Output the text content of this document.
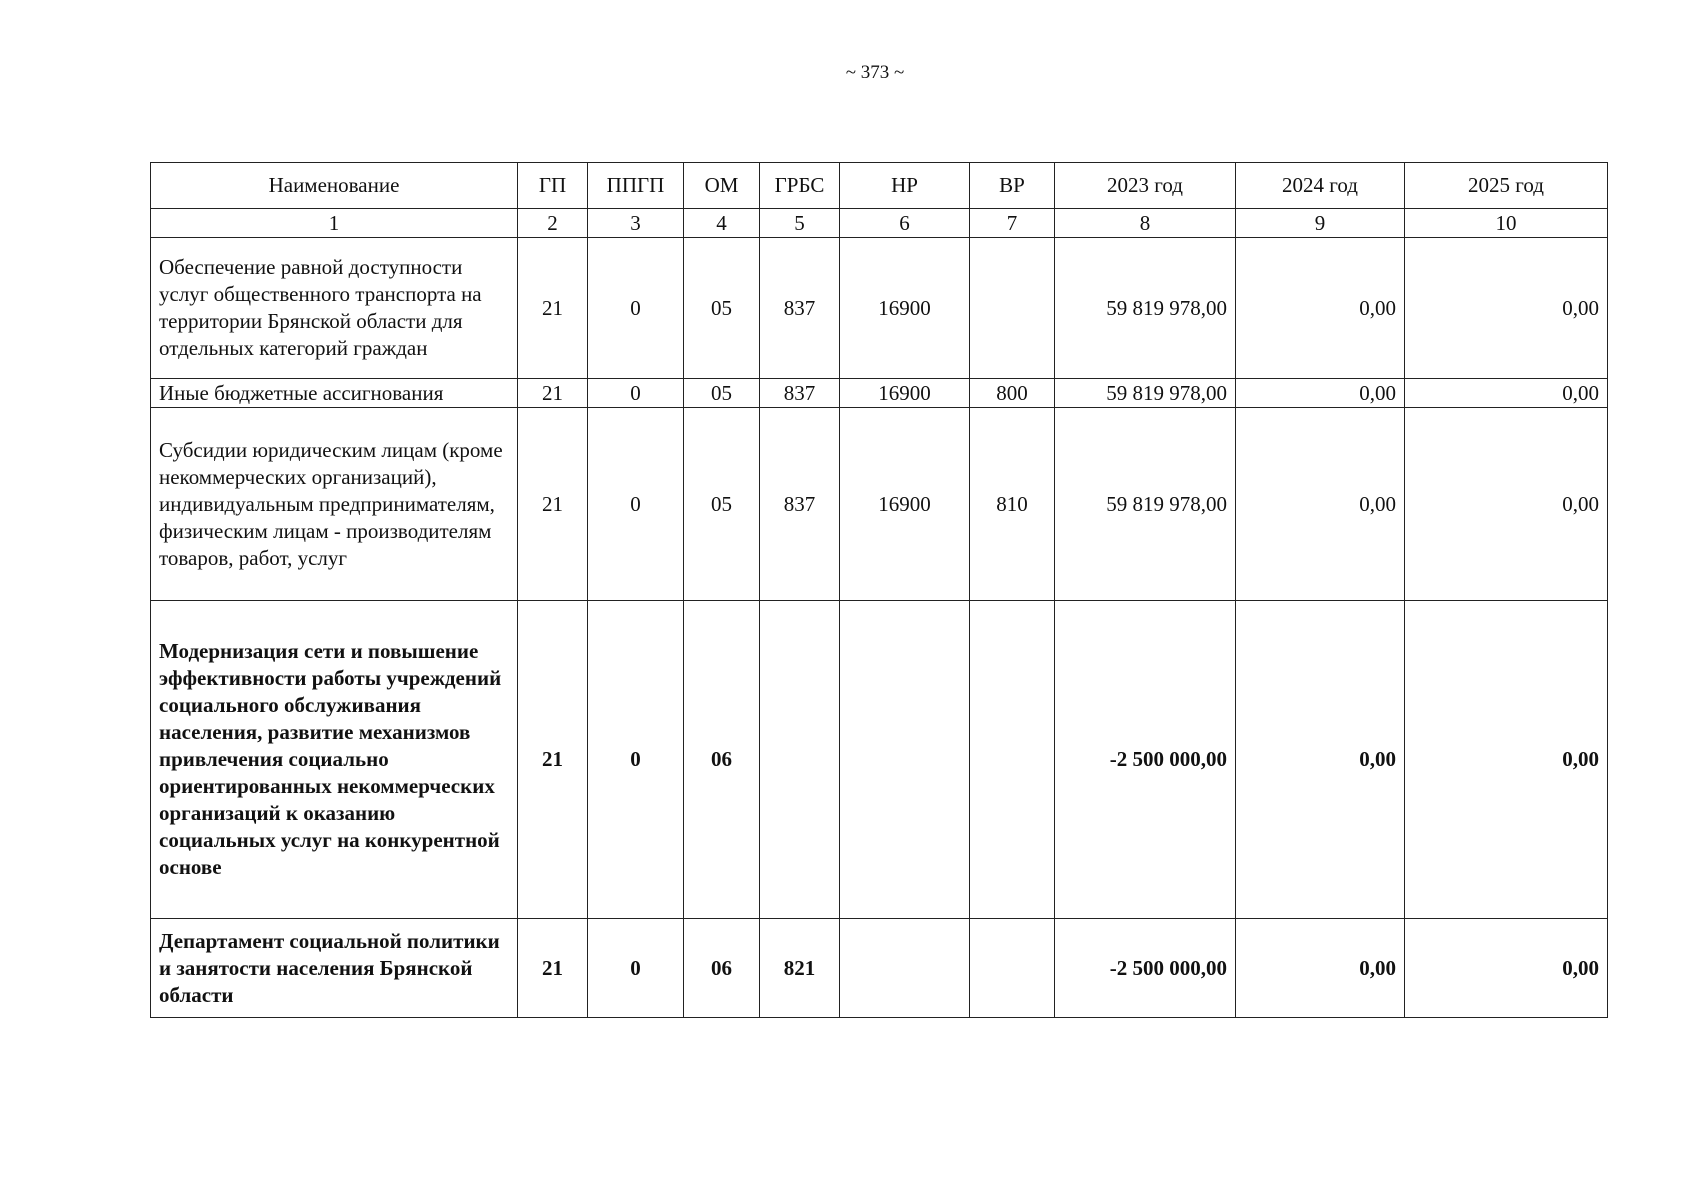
~ 373 ~
Наименование	ГП	ППГП	ОМ	ГРБС	НР	ВР	2023 год	2024 год	2025 год
1	2	3	4	5	6	7	8	9	10
Обеспечение равной доступности услуг общественного транспорта на территории Брянской области для отдельных категорий граждан	21	0	05	837	16900		59 819 978,00	0,00	0,00
Иные бюджетные ассигнования	21	0	05	837	16900	800	59 819 978,00	0,00	0,00
Субсидии юридическим лицам (кроме некоммерческих организаций), индивидуальным предпринимателям, физическим лицам - производителям товаров, работ, услуг	21	0	05	837	16900	810	59 819 978,00	0,00	0,00
Модернизация сети и повышение эффективности работы учреждений социального обслуживания населения, развитие механизмов привлечения социально ориентированных некоммерческих организаций к оказанию социальных услуг на конкурентной основе	21	0	06				-2 500 000,00	0,00	0,00
Департамент социальной политики и занятости населения Брянской области	21	0	06	821			-2 500 000,00	0,00	0,00
